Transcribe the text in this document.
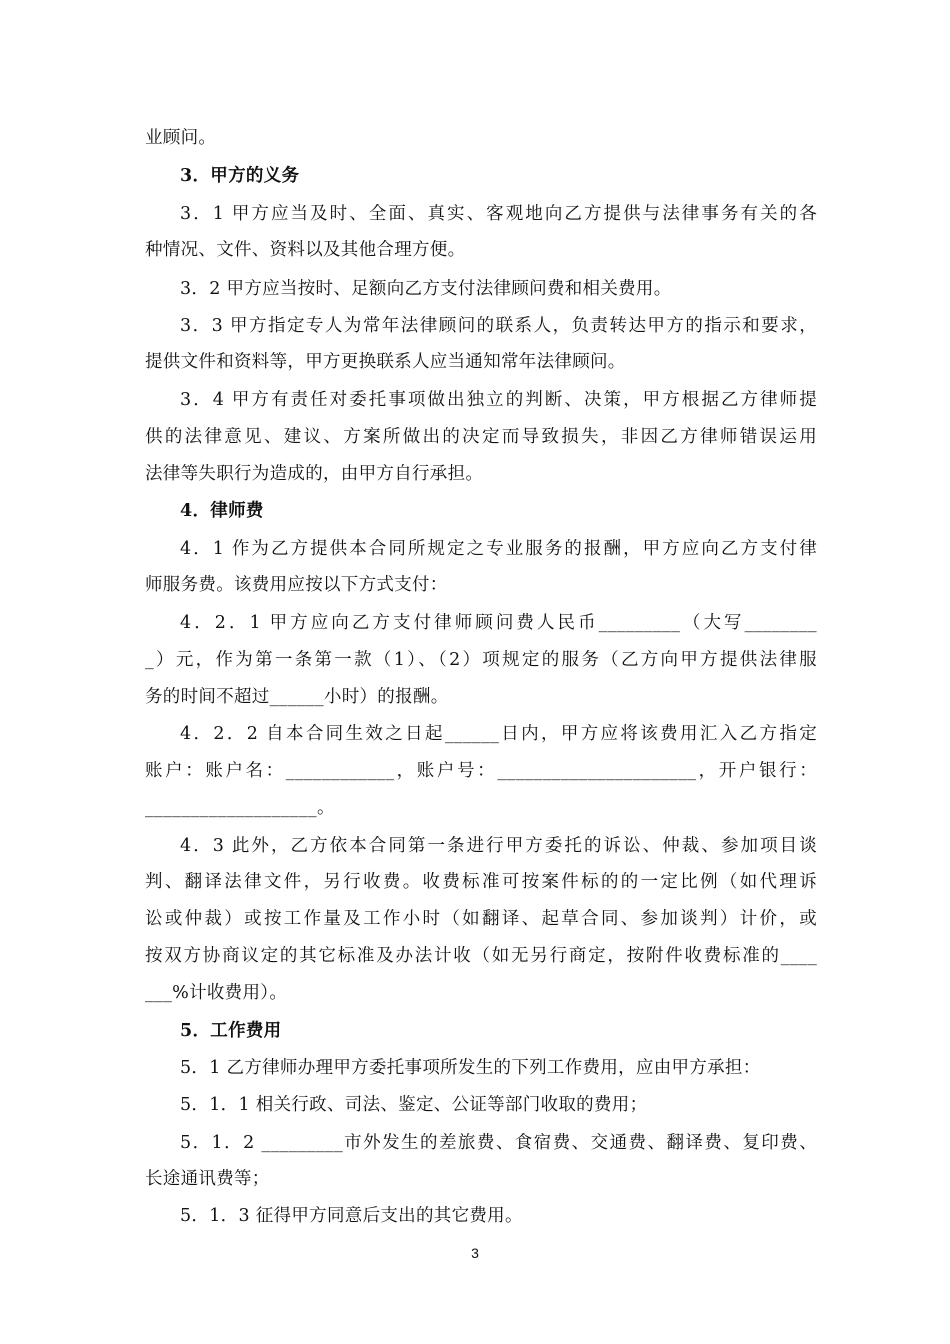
业顾问。
3．甲方的义务
3．1 甲方应当及时、全面、真实、客观地向乙方提供与法律事务有关的各
种情况、文件、资料以及其他合理方便。
3．2 甲方应当按时、足额向乙方支付法律顾问费和相关费用。
3．3 甲方指定专人为常年法律顾问的联系人，负责转达甲方的指示和要求，
提供文件和资料等，甲方更换联系人应当通知常年法律顾问。
3．4 甲方有责任对委托事项做出独立的判断、决策，甲方根据乙方律师提
供的法律意见、建议、方案所做出的决定而导致损失，非因乙方律师错误运用
法律等失职行为造成的，由甲方自行承担。
4．律师费
4．1 作为乙方提供本合同所规定之专业服务的报酬，甲方应向乙方支付律
师服务费。该费用应按以下方式支付：
4．2．1 甲方应向乙方支付律师顾问费人民币_________（大写________
_）元，作为第一条第一款（1）、（2）项规定的服务（乙方向甲方提供法律服
务的时间不超过______小时）的报酬。
4．2．2 自本合同生效之日起______日内，甲方应将该费用汇入乙方指定
账户：账户名：____________，账户号：______________________，开户银行：
___________________。
4．3 此外，乙方依本合同第一条进行甲方委托的诉讼、仲裁、参加项目谈
判、翻译法律文件，另行收费。收费标准可按案件标的的一定比例（如代理诉
讼或仲裁）或按工作量及工作小时（如翻译、起草合同、参加谈判）计价，或
按双方协商议定的其它标准及办法计收（如无另行商定，按附件收费标准的____
___%计收费用）。
5．工作费用
5．1 乙方律师办理甲方委托事项所发生的下列工作费用，应由甲方承担：
5．1．1 相关行政、司法、鉴定、公证等部门收取的费用；
5．1．2 _________市外发生的差旅费、食宿费、交通费、翻译费、复印费、
长途通讯费等；
5．1．3 征得甲方同意后支出的其它费用。
3
